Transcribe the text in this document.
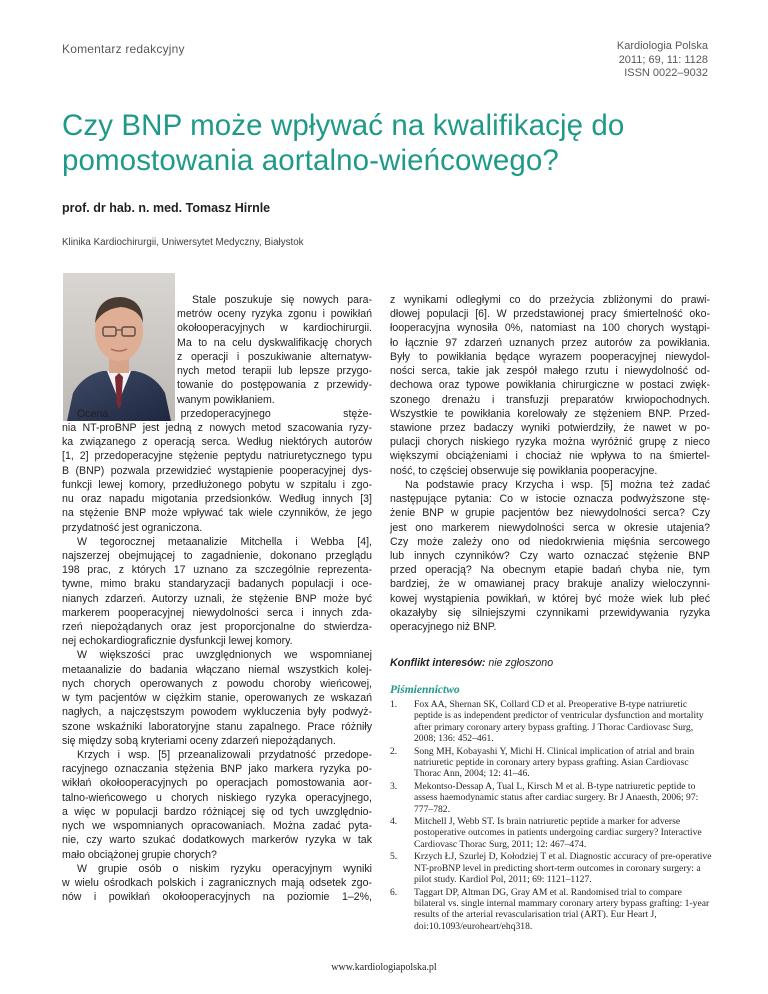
Komentarz redakcyjny	Kardiologia Polska
2011; 69, 11: 1128
ISSN 0022–9032
Czy BNP może wpływać na kwalifikację do pomostowania aortalno-wieńcowego?
prof. dr hab. n. med. Tomasz Hirnle
Klinika Kardiochirurgii, Uniwersytet Medyczny, Białystok
Stale poszukuje się nowych para-
metrów oceny ryzyka zgonu i powikłań
okołooperacyjnych w kardiochirurgii.
Ma to na celu dyskwalifikację chorych
z operacji i poszukiwanie alternatyw-
nych metod terapii lub lepsze przygo-
towanie do postępowania z przewidy-
wanym powikłaniem.
Ocena przedoperacyjnego stęże-
nia NT-proBNP jest jedną z nowych metod szacowania ryzy-
ka związanego z operacją serca. Według niektórych autorów
[1, 2] przedoperacyjne stężenie peptydu natriuretycznego typu
B (BNP) pozwala przewidzieć wystąpienie pooperacyjnej dys-
funkcji lewej komory, przedłużonego pobytu w szpitalu i zgo-
nu oraz napadu migotania przedsionków. Według innych [3]
na stężenie BNP może wpływać tak wiele czynników, że jego
przydatność jest ograniczona.
W tegorocznej metaanalizie Mitchella i Webba [4],
najszerzej obejmującej to zagadnienie, dokonano przeglądu
198 prac, z których 17 uznano za szczególnie reprezenta-
tywne, mimo braku standaryzacji badanych populacji i oce-
nianych zdarzeń. Autorzy uznali, że stężenie BNP może być
markerem pooperacyjnej niewydolności serca i innych zda-
rzeń niepożądanych oraz jest proporcjonalne do stwierdza-
nej echokardiograficznie dysfunkcji lewej komory.
W większości prac uwzględnionych we wspomnianej
metaanalizie do badania włączano niemal wszystkich kolej-
nych chorych operowanych z powodu choroby wieńcowej,
w tym pacjentów w ciężkim stanie, operowanych ze wskazań
nagłych, a najczęstszym powodem wykluczenia były podwyż-
szone wskaźniki laboratoryjne stanu zapalnego. Prace różniły
się między sobą kryteriami oceny zdarzeń niepożądanych.
Krzych i wsp. [5] przeanalizowali przydatność przedope-
racyjnego oznaczania stężenia BNP jako markera ryzyka po-
wikłań okołooperacyjnych po operacjach pomostowania aor-
talno-wieńcowego u chorych niskiego ryzyka operacyjnego,
a więc w populacji bardzo różniącej się od tych uwzględnio-
nych we wspomnianych opracowaniach. Można zadać pyta-
nie, czy warto szukać dodatkowych markerów ryzyka w tak
mało obciążonej grupie chorych?
W grupie osób o niskim ryzyku operacyjnym wyniki
w wielu ośrodkach polskich i zagranicznych mają odsetek zgo-
nów i powikłań okołooperacyjnych na poziomie 1–2%,
z wynikami odległymi co do przeżycia zbliżonymi do prawi-
dłowej populacji [6]. W przedstawionej pracy śmiertelność oko-
łooperacyjna wynosiła 0%, natomiast na 100 chorych wystąpi-
ło łącznie 97 zdarzeń uznanych przez autorów za powikłania.
Były to powikłania będące wyrazem pooperacyjnej niewydol-
ności serca, takie jak zespół małego rzutu i niewydolność od-
dechowa oraz typowe powikłania chirurgiczne w postaci zwięk-
szonego drenażu i transfuzji preparatów krwiopochodnych.
Wszystkie te powikłania korelowały ze stężeniem BNP. Przed-
stawione przez badaczy wyniki potwierdziły, że nawet w po-
pulacji chorych niskiego ryzyka można wyróżnić grupę z nieco
większymi obciążeniami i chociaż nie wpływa to na śmiertel-
ność, to częściej obserwuje się powikłania pooperacyjne.
Na podstawie pracy Krzycha i wsp. [5] można też zadać
następujące pytania: Co w istocie oznacza podwyższone stę-
żenie BNP w grupie pacjentów bez niewydolności serca? Czy
jest ono markerem niewydolności serca w okresie utajenia?
Czy może zależy ono od niedokrwienia mięśnia sercowego
lub innych czynników? Czy warto oznaczać stężenie BNP
przed operacją? Na obecnym etapie badań chyba nie, tym
bardziej, że w omawianej pracy brakuje analizy wieloczynni-
kowej wystąpienia powikłań, w której być może wiek lub płeć
okazałyby się silniejszymi czynnikami przewidywania ryzyka
operacyjnego niż BNP.
Konflikt interesów: nie zgłoszono
Piśmiennictwo
1. Fox AA, Shernan SK, Collard CD et al. Preoperative B-type natriuretic peptide is as independent predictor of ventricular dysfunction and mortality after primary coronary artery bypass grafting. J Thorac Cardiovasc Surg, 2008; 136: 452–461.
2. Song MH, Kobayashi Y, Michi H. Clinical implication of atrial and brain natriuretic peptide in coronary artery bypass grafting. Asian Cardiovasc Thorac Ann, 2004; 12: 41–46.
3. Mekontso-Dessap A, Tual L, Kirsch M et al. B-type natriuretic peptide to assess haemodynamic status after cardiac surgery. Br J Anaesth, 2006; 97: 777–782.
4. Mitchell J, Webb ST. Is brain natriuretic peptide a marker for adverse postoperative outcomes in patients undergoing cardiac surgery? Interactive Cardiovasc Thorac Surg, 2011; 12: 467–474.
5. Krzych ŁJ, Szurlej D, Kołodziej T et al. Diagnostic accuracy of pre-operative NT-proBNP level in predicting short-term outcomes in coronary surgery: a pilot study. Kardiol Pol, 2011; 69: 1121–1127.
6. Taggart DP, Altman DG, Gray AM et al. Randomised trial to compare bilateral vs. single internal mammary coronary artery bypass grafting: 1-year results of the arterial revascularisation trial (ART). Eur Heart J, doi:10.1093/euroheart/ehq318.
www.kardiologiapolska.pl
